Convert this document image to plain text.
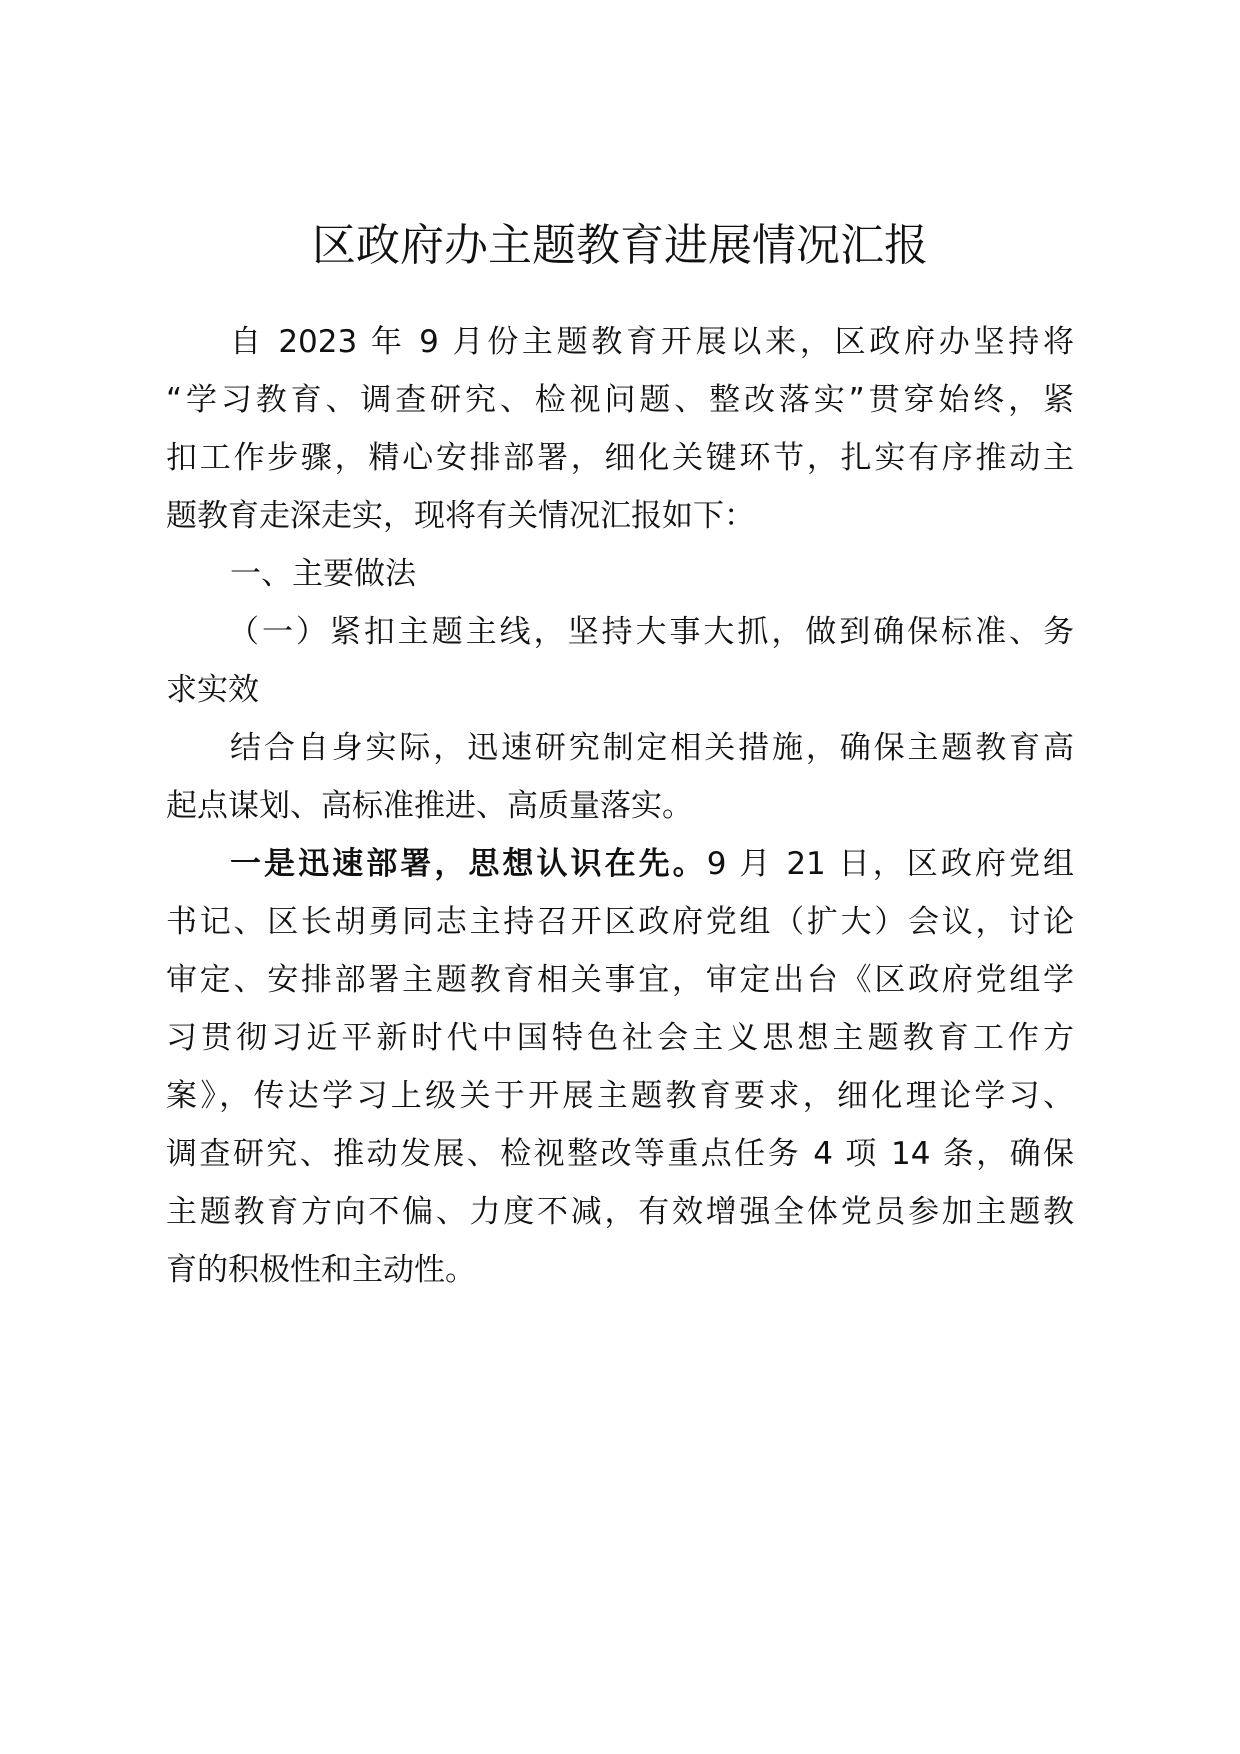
区政府办主题教育进展情况汇报
自 2023 年 9 月份主题教育开展以来，区政府办坚持将
“学习教育、调查研究、检视问题、整改落实”贯穿始终，紧
扣工作步骤，精心安排部署，细化关键环节，扎实有序推动主
题教育走深走实，现将有关情况汇报如下：
一、主要做法
（一）紧扣主题主线，坚持大事大抓，做到确保标准、务
求实效
结合自身实际，迅速研究制定相关措施，确保主题教育高
起点谋划、高标准推进、高质量落实。
一是迅速部署，思想认识在先。9 月 21 日，区政府党组
书记、区长胡勇同志主持召开区政府党组（扩大）会议，讨论
审定、安排部署主题教育相关事宜，审定出台《区政府党组学
习贯彻习近平新时代中国特色社会主义思想主题教育工作方
案》，传达学习上级关于开展主题教育要求，细化理论学习、
调查研究、推动发展、检视整改等重点任务 4 项 14 条，确保
主题教育方向不偏、力度不减，有效增强全体党员参加主题教
育的积极性和主动性。
